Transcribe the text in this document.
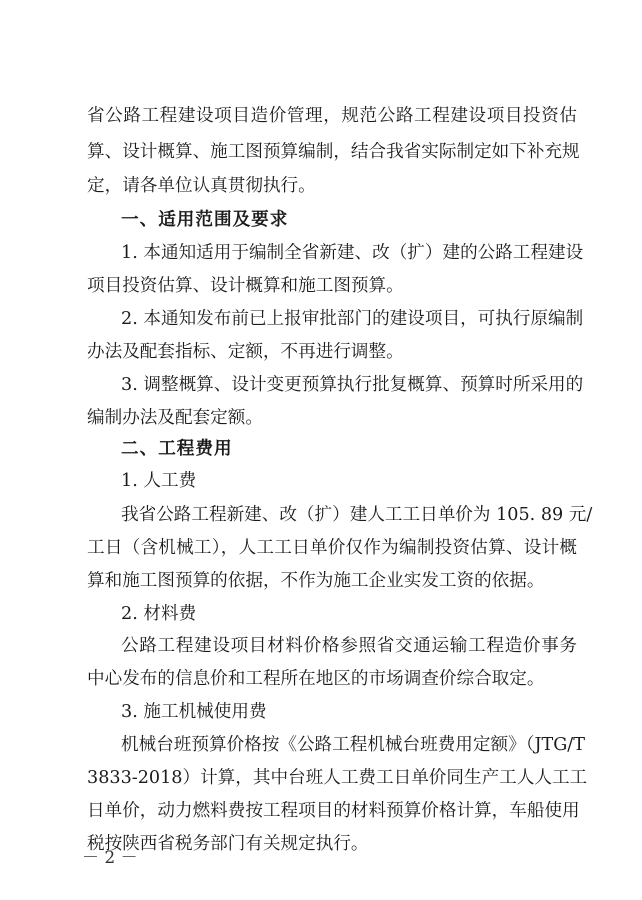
省公路工程建设项目造价管理，规范公路工程建设项目投资估
算、设计概算、施工图预算编制，结合我省实际制定如下补充规
定，请各单位认真贯彻执行。
一、适用范围及要求
1. 本通知适用于编制全省新建、改（扩）建的公路工程建设
项目投资估算、设计概算和施工图预算。
2. 本通知发布前已上报审批部门的建设项目，可执行原编制
办法及配套指标、定额，不再进行调整。
3. 调整概算、设计变更预算执行批复概算、预算时所采用的
编制办法及配套定额。
二、工程费用
1. 人工费
我省公路工程新建、改（扩）建人工工日单价为 105. 89 元/
工日（含机械工），人工工日单价仅作为编制投资估算、设计概
算和施工图预算的依据，不作为施工企业实发工资的依据。
2. 材料费
公路工程建设项目材料价格参照省交通运输工程造价事务
中心发布的信息价和工程所在地区的市场调查价综合取定。
3. 施工机械使用费
机械台班预算价格按《公路工程机械台班费用定额》（JTG/T
3833-2018）计算，其中台班人工费工日单价同生产工人人工工
日单价，动力燃料费按工程项目的材料预算价格计算，车船使用
税按陕西省税务部门有关规定执行。
－ 2 －
